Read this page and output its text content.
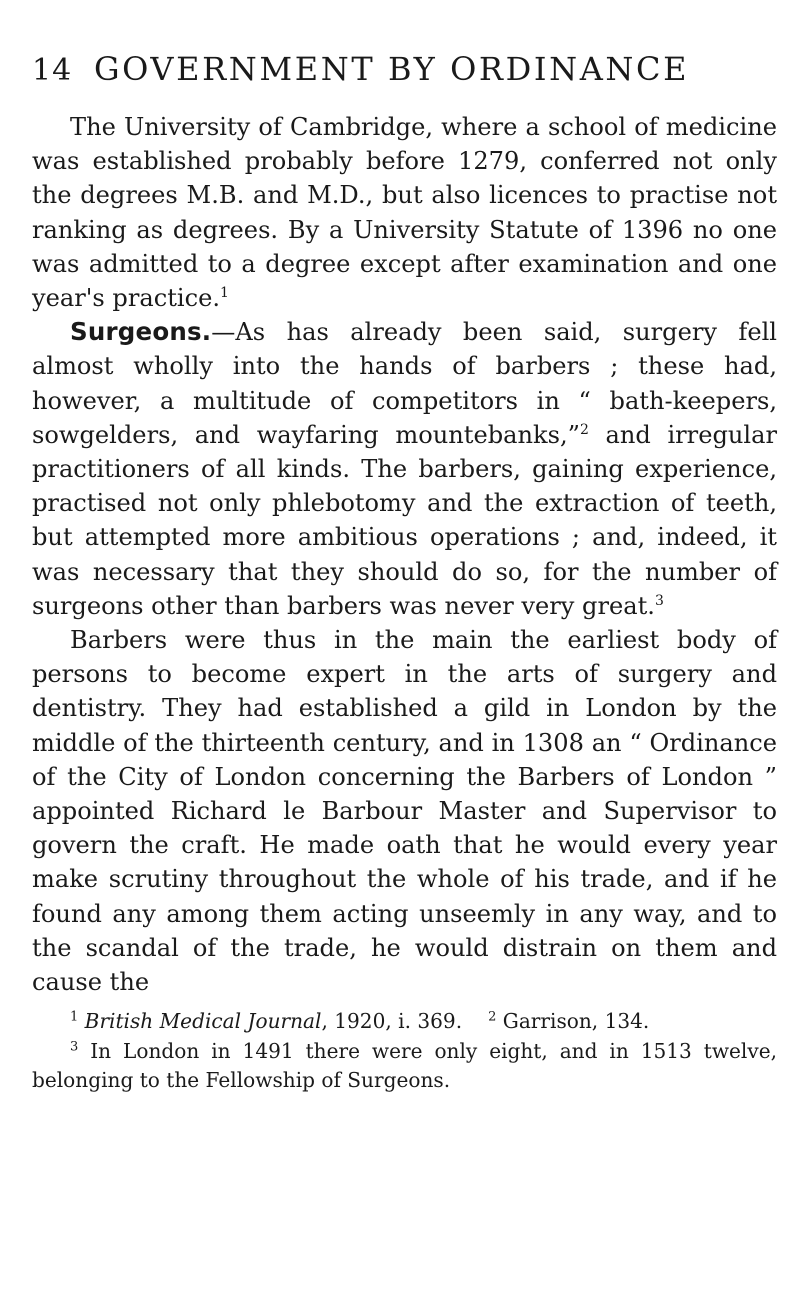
14 GOVERNMENT BY ORDINANCE

The University of Cambridge, where a school of medicine was established probably before 1279, conferred not only the degrees M.B. and M.D., but also licences to practise not ranking as degrees. By a University Statute of 1396 no one was admitted to a degree except after examination and one year's practice.$^1$

Surgeons.—As has already been said, surgery fell almost wholly into the hands of barbers ; these had, however, a multitude of competitors in “ bath-keepers, sowgelders, and wayfaring mountebanks,”$^2$ and irregular practitioners of all kinds. The barbers, gaining experience, practised not only phlebotomy and the extraction of teeth, but attempted more ambitious operations ; and, indeed, it was necessary that they should do so, for the number of surgeons other than barbers was never very great.$^3$

Barbers were thus in the main the earliest body of persons to become expert in the arts of surgery and dentistry. They had established a gild in London by the middle of the thirteenth century, and in 1308 an “ Ordinance of the City of London concerning the Barbers of London ” appointed Richard le Barbour Master and Supervisor to govern the craft. He made oath that he would every year make scrutiny throughout the whole of his trade, and if he found any among them acting unseemly in any way, and to the scandal of the trade, he would distrain on them and cause the

$^1$ British Medical Journal, 1920, i. 369. $^2$ Garrison, 134.

$^3$ In London in 1491 there were only eight, and in 1513 twelve, belonging to the Fellowship of Surgeons.
